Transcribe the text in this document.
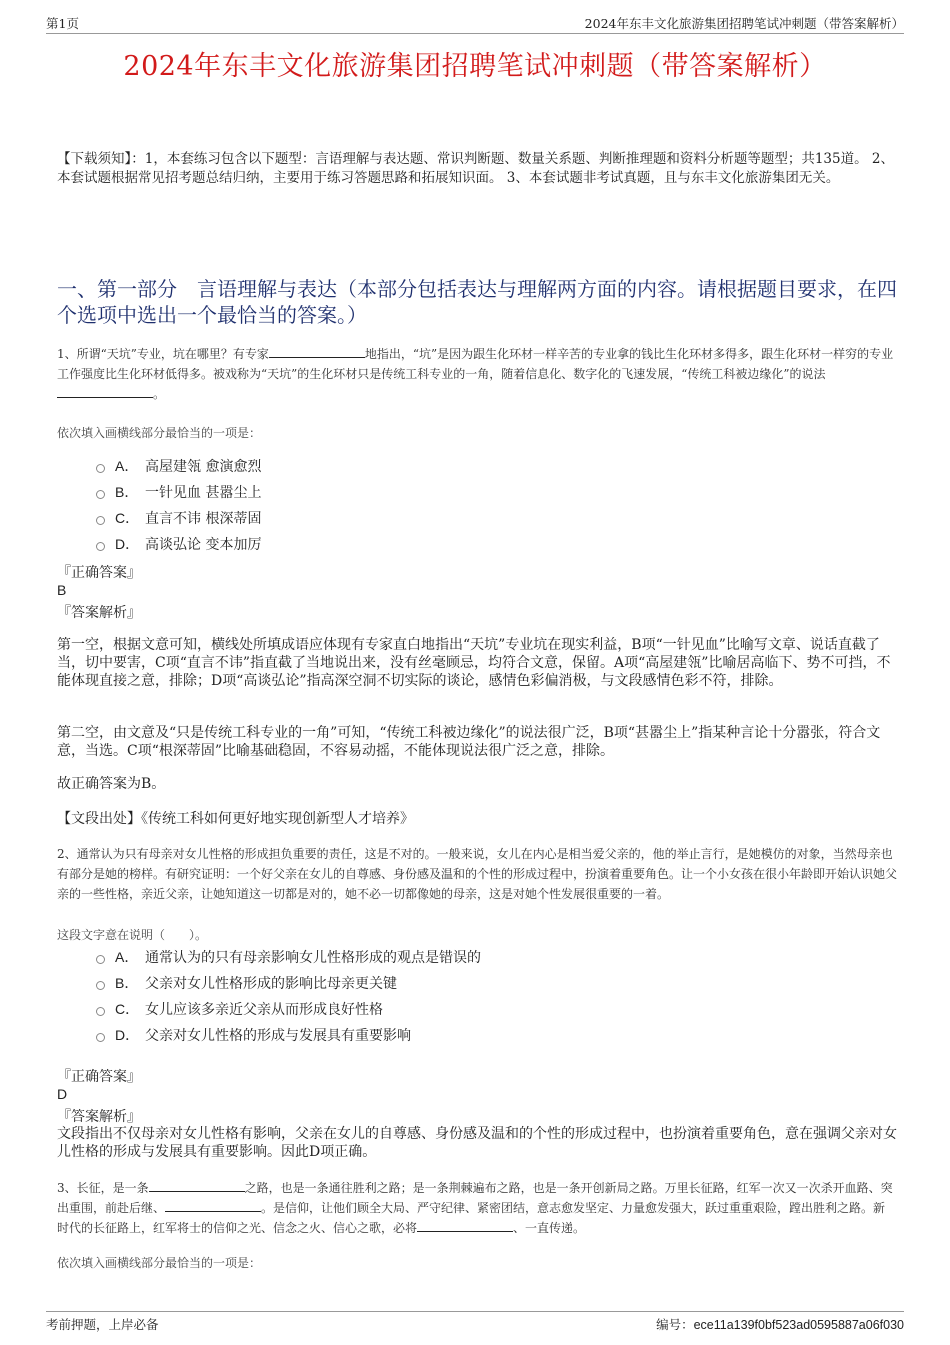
第1页	2024年东丰文化旅游集团招聘笔试冲刺题（带答案解析）
2024年东丰文化旅游集团招聘笔试冲刺题（带答案解析）
【下载须知】：1，本套练习包含以下题型：言语理解与表达题、常识判断题、数量关系题、判断推理题和资料分析题等题型；共135道。 2、本套试题根据常见招考题总结归纳，主要用于练习答题思路和拓展知识面。 3、本套试题非考试真题，且与东丰文化旅游集团无关。
一、第一部分　言语理解与表达（本部分包括表达与理解两方面的内容。请根据题目要求，在四个选项中选出一个最恰当的答案。）
1、所谓“天坑”专业，坑在哪里？有专家	地指出，“坑”是因为跟生化环材一样辛苦的专业拿的钱比生化环材多得多，跟生化环材一样穷的专业工作强度比生化环材低得多。被戏称为“天坑”的生化环材只是传统工科专业的一角，随着信息化、数字化的飞速发展，“传统工科被边缘化”的说法。
依次填入画横线部分最恰当的一项是：
A． 高屋建瓴 愈演愈烈
B． 一针见血 甚嚣尘上
C． 直言不讳 根深蒂固
D． 高谈弘论 变本加厉
『正确答案』
B
『答案解析』
第一空，根据文意可知，横线处所填成语应体现有专家直白地指出“天坑”专业坑在现实利益，B项“一针见血”比喻写文章、说话直截了当，切中要害，C项“直言不讳”指直截了当地说出来，没有丝毫顾忌，均符合文意，保留。A项“高屋建瓴”比喻居高临下、势不可挡，不能体现直接之意，排除；D项“高谈弘论”指高深空洞不切实际的谈论，感情色彩偏消极，与文段感情色彩不符，排除。
第二空，由文意及“只是传统工科专业的一角”可知，“传统工科被边缘化”的说法很广泛，B项“甚嚣尘上”指某种言论十分嚣张，符合文意，当选。C项“根深蒂固”比喻基础稳固，不容易动摇，不能体现说法很广泛之意，排除。
故正确答案为B。
【文段出处】《传统工科如何更好地实现创新型人才培养》
2、通常认为只有母亲对女儿性格的形成担负重要的责任，这是不对的。一般来说，女儿在内心是相当爱父亲的，他的举止言行，是她模仿的对象，当然母亲也有部分是她的榜样。有研究证明：一个好父亲在女儿的自尊感、身份感及温和的个性的形成过程中，扮演着重要角色。让一个小女孩在很小年龄即开始认识她父亲的一些性格，亲近父亲，让她知道这一切都是对的，她不必一切都像她的母亲，这是对她个性发展很重要的一着。
这段文字意在说明（　　）。
A． 通常认为的只有母亲影响女儿性格形成的观点是错误的
B． 父亲对女儿性格形成的影响比母亲更关键
C． 女儿应该多亲近父亲从而形成良好性格
D． 父亲对女儿性格的形成与发展具有重要影响
『正确答案』
D
『答案解析』
文段指出不仅母亲对女儿性格有影响，父亲在女儿的自尊感、身份感及温和的个性的形成过程中，也扮演着重要角色，意在强调父亲对女儿性格的形成与发展具有重要影响。因此D项正确。
3、长征，是一条	之路，也是一条通往胜利之路；是一条荆棘遍布之路，也是一条开创新局之路。万里长征路，红军一次又一次杀开血路、突出重围，前赴后继、	。是信仰，让他们顾全大局、严守纪律、紧密团结，意志愈发坚定、力量愈发强大，跃过重重艰险，蹚出胜利之路。新时代的长征路上，红军将士的信仰之光、信念之火、信心之歌，必将	、一直传递。
依次填入画横线部分最恰当的一项是：
考前押题，上岸必备	编号：ece11a139f0bf523ad0595887a06f030
